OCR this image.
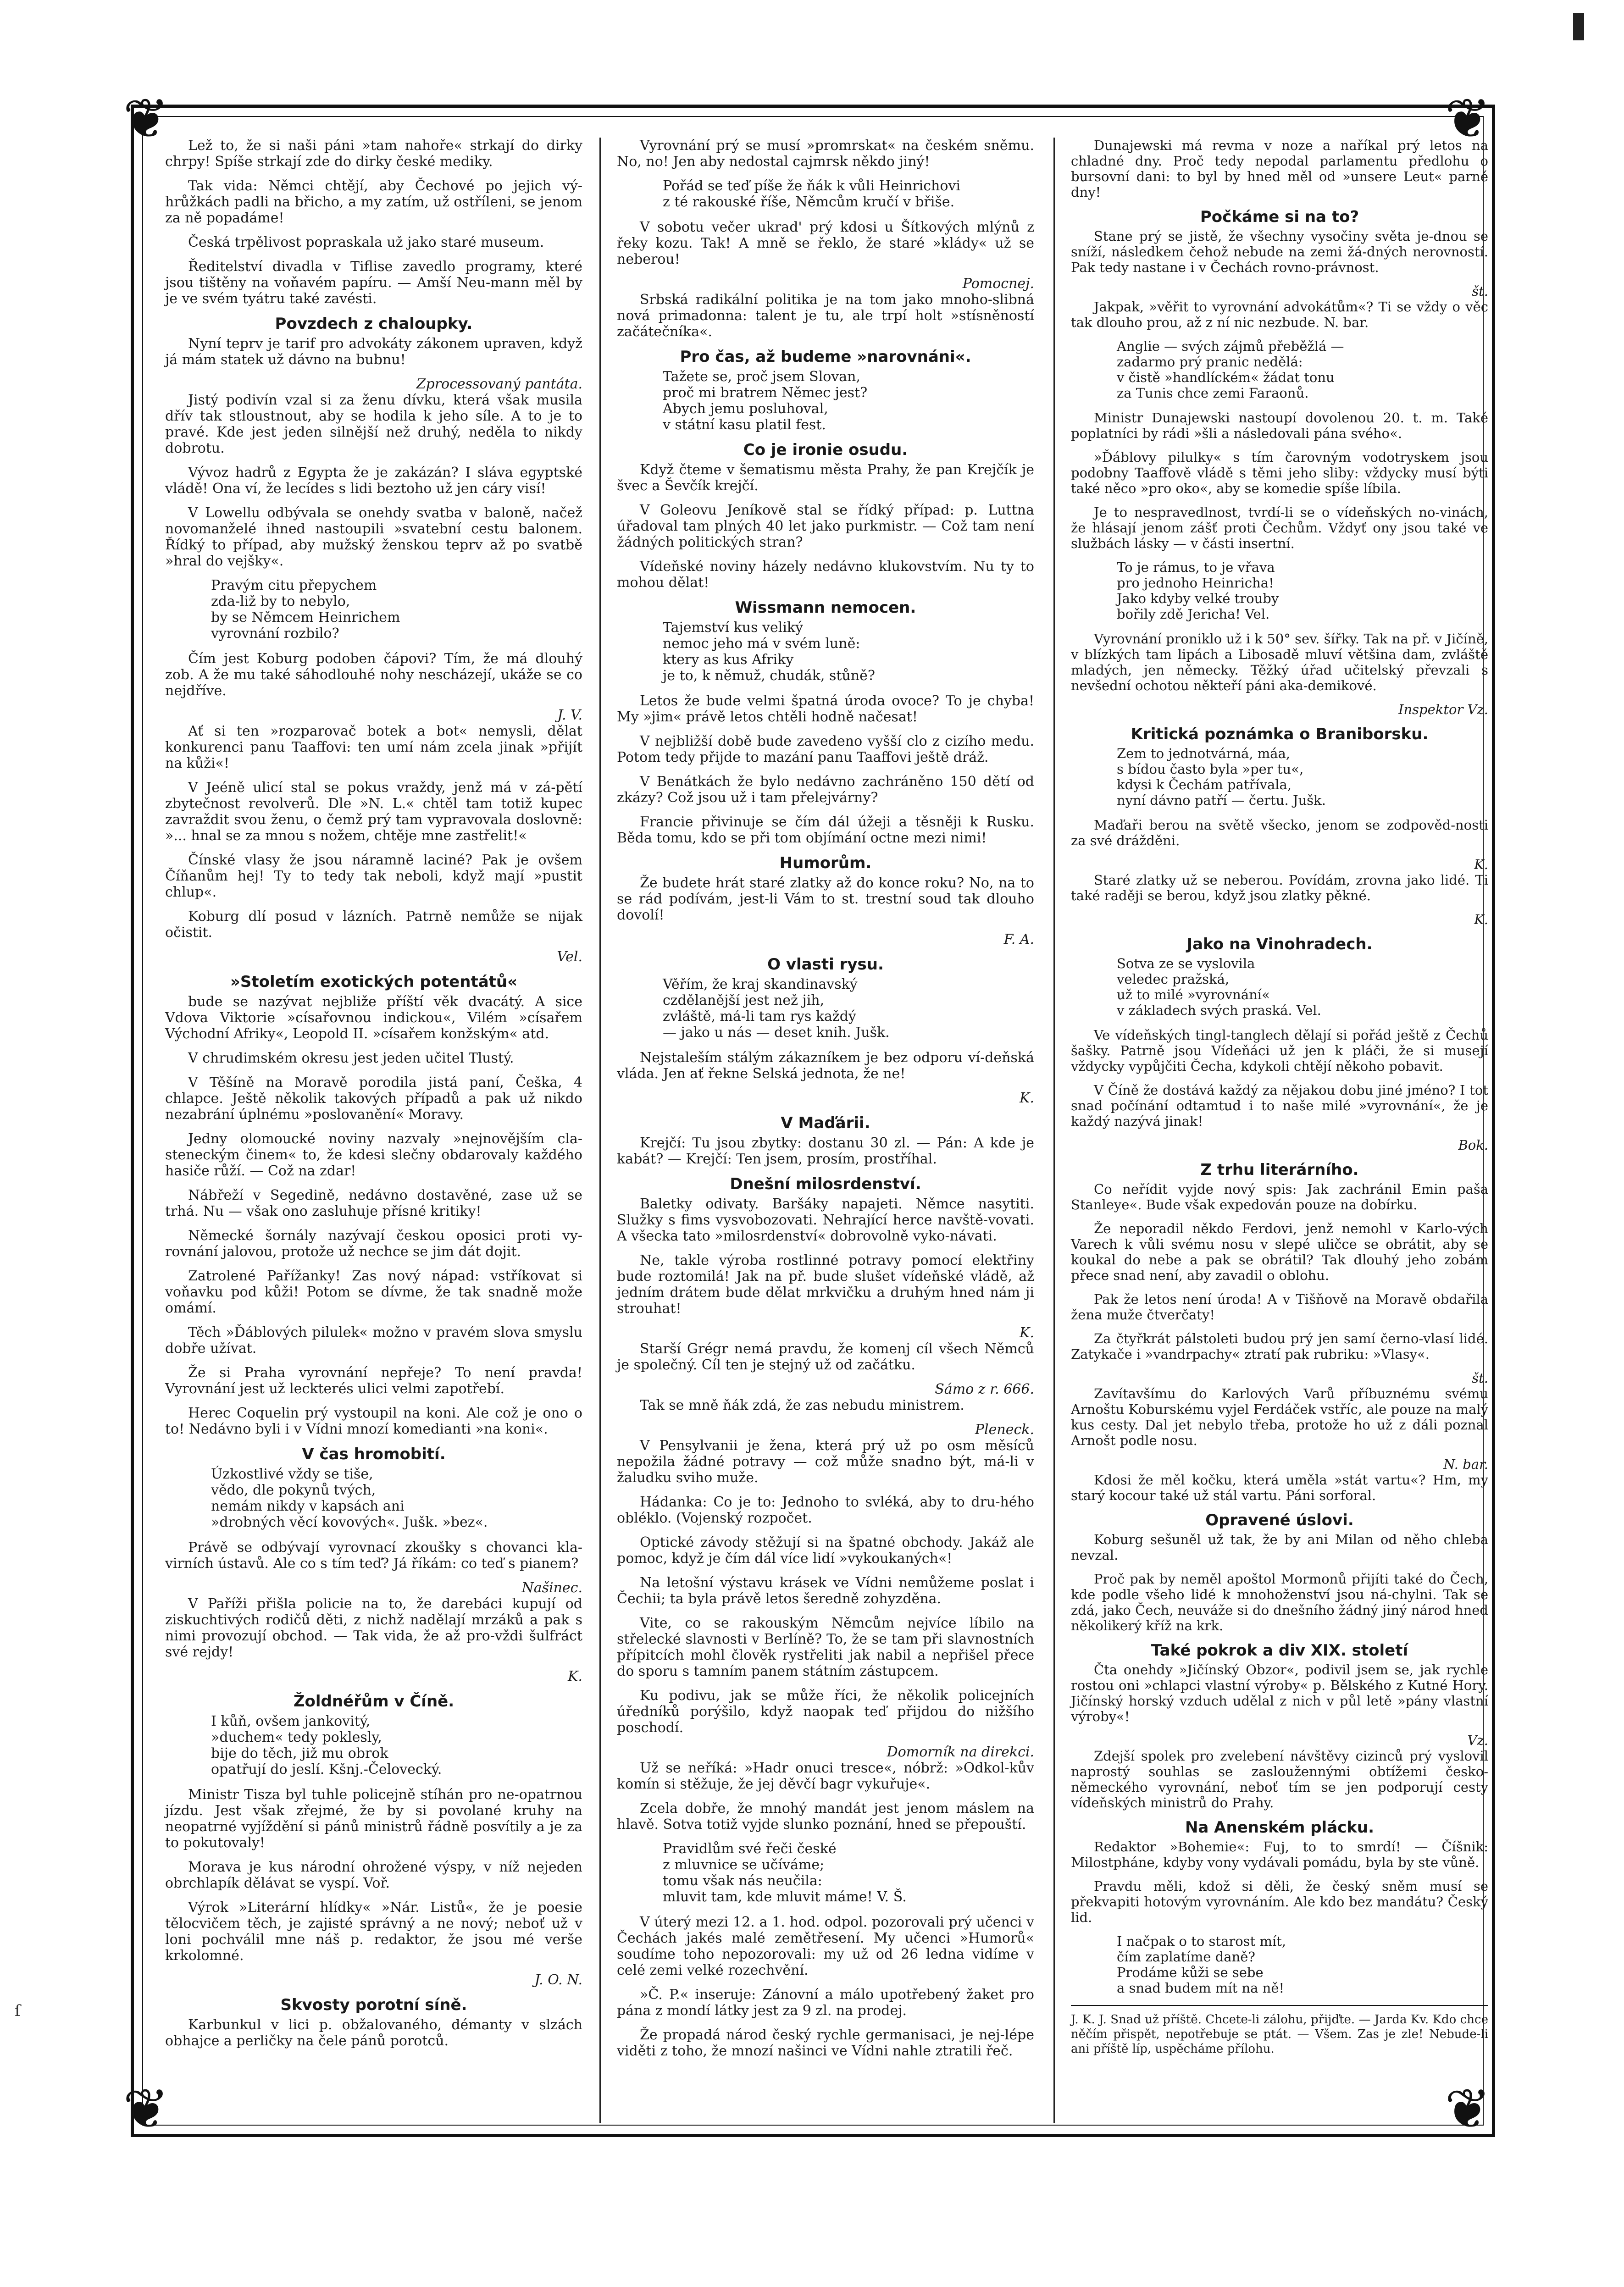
❦	❦
❦	❦
ſ

Lež to, že si naši páni »tam nahoře« strkají do dirky chrpy! Spíše strkají zde do dirky české mediky.

Tak vida: Němci chtějí, aby Čechové po jejich vý-hrůžkách padli na břicho, a my zatím, už ostříleni, se jenom za ně popadáme!

Česká trpělivost popraskala už jako staré museum.

Ředitelství divadla v Tiflise zavedlo programy, které jsou tištěny na voňavém papíru. — Amší Neu-mann měl by je ve svém tyátru také zavésti.

Povzdech z chaloupky.

Nyní teprv je tarif pro advokáty zákonem upraven, když já mám statek už dávno na bubnu!

Zprocessovaný pantáta.

Jistý podivín vzal si za ženu dívku, která však musila dřív tak stloustnout, aby se hodila k jeho síle. A to je to pravé. Kde jest jeden silnější než druhý, neděla to nikdy dobrotu.

Vývoz hadrů z Egypta že je zakázán? I sláva egyptské vládě! Ona ví, že lecídes s lidi beztoho už jen cáry visí!

V Lowellu odbývala se onehdy svatba v baloně, načež novomanželé ihned nastoupili »svatební cestu balonem. Řídký to případ, aby mužský ženskou teprv až po svatbě »hral do vejšky«.

Pravým citu přepychem
zda-liž by to nebylo,
by se Němcem Heinrichem
vyrovnání rozbilo?

Čím jest Koburg podoben čápovi? Tím, že má dlouhý zob. A že mu také sáhodlouhé nohy nescházejí, ukáže se co nejdříve.

J. V.

Ať si ten »rozparovač botek a bot« nemysli, dělat konkurenci panu Taaffovi: ten umí nám zcela jinak »přijít na kůži«!

V Jeéně ulicí stal se pokus vraždy, jenž má v zá-pětí zbytečnost revolverů. Dle »N. L.« chtěl tam totiž kupec zavraždit svou ženu, o čemž prý tam vypravovala doslovně: »... hnal se za mnou s nožem, chtěje mne zastřelit!«

Čínské vlasy že jsou náramně laciné? Pak je ovšem Číňanům hej! Ty to tedy tak neboli, když mají »pustit chlup«.

Koburg dlí posud v lázních. Patrně nemůže se nijak očistit.

Vel.
»Stoletím exotických potentátů«

bude se nazývat nejbliže příští věk dvacátý. A sice Vdova Viktorie »císařovnou indickou«, Vilém »císařem Východní Afriky«, Leopold II. »císařem konžským« atd.

V chrudimském okresu jest jeden učitel Tlustý.

V Těšíně na Moravě porodila jistá paní, Češka, 4 chlapce. Ještě několik takových případů a pak už nikdo nezabrání úplnému »poslovanění« Moravy.

Jedny olomoucké noviny nazvaly »nejnovějším cla-steneckým činem« to, že kdesi slečny obdarovaly každého hasiče růží. — Což na zdar!

Nábřeží v Segedině, nedávno dostavěné, zase už se trhá. Nu — však ono zasluhuje přísné kritiky!

Německé šornály nazývají českou oposici proti vy-rovnání jalovou, protože už nechce se jim dát dojit.

Zatrolené Pařížanky! Zas nový nápad: vstříkovat si voňavku pod kůži! Potom se dívme, že tak snadně može omámí.

Těch »Ďáblových pilulek« možno v pravém slova smyslu dobře užívat.

Že si Praha vyrovnání nepřeje? To není pravda! Vyrovnání jest už leckterés ulici velmi zapotřebí.

Herec Coquelin prý vystoupil na koni. Ale což je ono o to! Nedávno byli i v Vídni mnozí komedianti »na koni«.

V čas hromobití.
Úzkostlivé vždy se tiše,
vědo, dle pokynů tvých,
nemám nikdy v kapsách ani
»drobných věcí kovových«. Jušk. »bez«.

Právě se odbývají vyrovnací zkoušky s chovanci kla-virních ústavů. Ale co s tím teď? Já říkám: co teď s pianem?

Našinec.

V Paříži přišla policie na to, že darebáci kupují od ziskuchtivých rodičů děti, z nichž nadělají mrzáků a pak s nimi provozují obchod. — Tak vida, že až pro-vždi šulfráct své rejdy!

K.
Žoldnéřům v Číně.
I kůň, ovšem jankovitý,
»duchem« tedy poklesly,
bije do těch, již mu obrok
opatřují do jeslí. Kšnj.-Čelovecký.

Ministr Tisza byl tuhle policejně stíhán pro ne-opatrnou jízdu. Jest však zřejmé, že by si povolané kruhy na neopatrné vyjíždění si pánů ministrů řádně posvítily a je za to pokutovaly!

Morava je kus národní ohrožené výspy, v níž nejeden obrchlapík dělávat se vyspí. Voř.

Výrok »Literární hlídky« »Nár. Listů«, že je poesie tělocvičem těch, je zajisté správný a ne nový; neboť už v loni pochválil mne náš p. redaktor, že jsou mé verše krkolomné.

J. O. N.
Skvosty porotní síně.

Karbunkul v lici p. obžalovaného, démanty v slzách obhajce a perličky na čele pánů porotců.

Vyrovnání prý se musí »promrskat« na českém sněmu. No, no! Jen aby nedostal cajmrsk někdo jiný!

Pořád se teď píše že ňák k vůli Heinrichovi
z té rakouské říše, Němcům kručí v břiše.

V sobotu večer ukrad' prý kdosi u Šítkových mlýnů z řeky kozu. Tak! A mně se řeklo, že staré »klády« už se neberou!

Pomocnej.

Srbská radikální politika je na tom jako mnoho-slibná nová primadonna: talent je tu, ale trpí holt »stísněností začátečníka«.

Pro čas, až budeme »narovnáni«.
Tažete se, proč jsem Slovan,
proč mi bratrem Němec jest?
Abych jemu posluhoval,
v státní kasu platil fest.
Co je ironie osudu.

Když čteme v šematismu města Prahy, že pan Krejčík je švec a Ševčík krejčí.

V Goleovu Jeníkově stal se řídký případ: p. Luttna úřadoval tam plných 40 let jako purkmistr. — Což tam není žádných politických stran?

Vídeňské noviny házely nedávno klukovstvím. Nu ty to mohou dělat!

Wissmann nemocen.
Tajemství kus veliký
nemoc jeho má v svém luně:
ktery as kus Afriky
je to, k němuž, chudák, stůně?

Letos že bude velmi špatná úroda ovoce? To je chyba! My »jim« právě letos chtěli hodně načesat!

V nejbližší době bude zavedeno vyšší clo z cizího medu. Potom tedy přijde to mazání panu Taaffovi ještě dráž.

V Benátkách že bylo nedávno zachráněno 150 dětí od zkázy? Což jsou už i tam přelejvárny?

Francie přivinuje se čím dál úžeji a těsněji k Rusku. Běda tomu, kdo se při tom objímání octne mezi nimi!

Humorům.

Že budete hrát staré zlatky až do konce roku? No, na to se rád podívám, jest-li Vám to st. trestní soud tak dlouho dovolí!

F. A.
O vlasti rysu.
Věřím, že kraj skandinavský
czdělanější jest než jih,
zvláště, má-li tam rys každý
— jako u nás — deset knih. Jušk.

Nejstaleším stálým zákazníkem je bez odporu ví-deňská vláda. Jen ať řekne Selská jednota, že ne!

K.
V Maďárii.

Krejčí: Tu jsou zbytky: dostanu 30 zl. — Pán: A kde je kabát? — Krejčí: Ten jsem, prosím, prostříhal.

Dnešní milosrdenství.

Baletky odivaty. Baršáky napajeti. Němce nasytiti. Služky s fims vysvobozovati. Nehrající herce navště-vovati. A všecka tato »milosrdenství« dobrovolně vyko-návati.

Ne, takle výroba rostlinné potravy pomocí elektřiny bude roztomilá! Jak na př. bude slušet vídeňské vládě, až jedním drátem bude dělat mrkvičku a druhým hned nám ji strouhat!

K.

Starší Grégr nemá pravdu, že komenj cíl všech Němců je společný. Cíl ten je stejný už od začátku.

Sámo z r. 666.

Tak se mně ňák zdá, že zas nebudu ministrem.

Pleneck.

V Pensylvanii je žena, která prý už po osm měsíců nepožila žádné potravy — což může snadno být, má-li v žaludku sviho muže.

Hádanka: Co je to: Jednoho to svléká, aby to dru-hého obléklo. (Vojenský rozpočet.

Optické závody stěžují si na špatné obchody. Jakáž ale pomoc, když je čím dál více lidí »vykoukaných«!

Na letošní výstavu krásek ve Vídni nemůžeme poslat i Čechii; ta byla právě letos šeredně zohyzděna.

Vite, co se rakouským Němcům nejvíce líbilo na střelecké slavnosti v Berlíně? To, že se tam při slavnostních přípitcích mohl člověk rystřeliti jak nabil a nepřišel přece do sporu s tamním panem státním zástupcem.

Ku podivu, jak se může říci, že několik policejních úředníků porýšilo, když naopak teď přijdou do nižšího poschodí.

Domorník na direkci.

Už se neříká: »Hadr onuci tresce«, nóbrž: »Odkol-kův komín si stěžuje, že jej děvčí bagr vykuřuje«.

Zcela dobře, že mnohý mandát jest jenom máslem na hlavě. Sotva totiž vyjde slunko poznání, hned se přepouští.

Pravidlům své řeči české
z mluvnice se učíváme;
tomu však nás neučila:
mluvit tam, kde mluvit máme! V. Š.

V úterý mezi 12. a 1. hod. odpol. pozorovali prý učenci v Čechách jakés malé zemětřesení. My učenci »Humorů« soudíme toho nepozorovali: my už od 26 ledna vidíme v celé zemi velké rozechvění.

»Č. P.« inseruje: Zánovní a málo upotřebený žaket pro pána z mondí látky jest za 9 zl. na prodej.

Že propadá národ český rychle germanisaci, je nej-lépe viděti z toho, že mnozí našinci ve Vídni nahle ztratili řeč.

Dunajewski má revma v noze a naříkal prý letos na chladné dny. Proč tedy nepodal parlamentu předlohu o bursovní dani: to byl by hned měl od »unsere Leut« parné dny!

Počkáme si na to?

Stane prý se jistě, že všechny vysočiny světa je-dnou se sníží, následkem čehož nebude na zemi žá-dných nerovností. Pak tedy nastane i v Čechách rovno-právnost.

št.

Jakpak, »věřit to vyrovnání advokátům«? Ti se vždy o věc tak dlouho prou, až z ní nic nezbude. N. bar.

Anglie — svých zájmů přeběžlá —
zadarmo prý pranic nedělá:
v čistě »handlíckém« žádat tonu
za Tunis chce zemi Faraonů.

Ministr Dunajewski nastoupí dovolenou 20. t. m. Také poplatníci by rádi »šli a následovali pána svého«.

»Ďáblovy pilulky« s tím čarovným vodotryskem jsou podobny Taaffově vládě s těmi jeho sliby: vždycky musí býti také něco »pro oko«, aby se komedie spíše líbila.

Je to nespravedlnost, tvrdí-li se o vídeňských no-vinách, že hlásají jenom zášť proti Čechům. Vždyť ony jsou také ve službách lásky — v části insertní.

To je rámus, to je vřava
pro jednoho Heinricha!
Jako kdyby velké trouby
bořily zdě Jericha! Vel.

Vyrovnání proniklo už i k 50° sev. šířky. Tak na př. v Jičíně, v blízkých tam lipách a Libosadě mluví většina dam, zvláště mladých, jen německy. Těžký úřad učitelský převzali s nevšední ochotou někteří páni aka-demikové.

Inspektor Vz.
Kritická poznámka o Braniborsku.
Zem to jednotvárná, máa,
s bídou často byla »per tu«,
kdysi k Čechám patřívala,
nyní dávno patří — čertu. Jušk.

Maďaři berou na světě všecko, jenom se zodpověd-nosti za své drážděni.

K.

Staré zlatky už se neberou. Povídám, zrovna jako lidé. Ti také raději se berou, když jsou zlatky pěkné.

K.
Jako na Vinohradech.
Sotva ze se vyslovila
veledec pražská,
už to milé »vyrovnání«
v základech svých praská. Vel.

Ve vídeňských tingl-tanglech dělají si pořád ještě z Čechů šašky. Patrně jsou Vídeňáci už jen k pláči, že si musejí vždycky vypůjčiti Čecha, kdykoli chtějí někoho pobavit.

V Číně že dostává každý za nějakou dobu jiné jméno? I tot snad počínání odtamtud i to naše milé »vyrovnání«, že je každý nazývá jinak!

Bok.
Z trhu literárního.

Co neřídit vyjde nový spis: Jak zachránil Emin paša Stanleye«. Bude však expedován pouze na dobírku.

Že neporadil někdo Ferdovi, jenž nemohl v Karlo-vých Varech k vůli svému nosu v slepé uličce se obrátit, aby se koukal do nebe a pak se obrátil? Tak dlouhý jeho zobám přece snad není, aby zavadil o oblohu.

Pak že letos není úroda! A v Tišňově na Moravě obdařila žena muže čtverčaty!

Za čtyřkrát pálstoleti budou prý jen samí černo-vlasí lidé. Zatykače i »vandrpachy« ztratí pak rubriku: »Vlasy«.

št.

Zavítavšímu do Karlových Varů příbuznému svému Arnoštu Koburskému vyjel Ferdáček vstříc, ale pouze na malý kus cesty. Dal jet nebylo třeba, protože ho už z dáli poznal Arnošt podle nosu.

N. bar.

Kdosi že měl kočku, která uměla »stát vartu«? Hm, my starý kocour také už stál vartu. Páni sorforal.

Opravené úslovi.

Koburg sešuněl už tak, že by ani Milan od něho chleba nevzal.

Proč pak by neměl apoštol Mormonů přijíti také do Čech, kde podle všeho lidé k mnohoženství jsou ná-chylni. Tak se zdá, jako Čech, neuváže si do dnešního žádný jiný národ hned několikerý kříž na krk.

Také pokrok a div XIX. století

Čta onehdy »Jičínský Obzor«, podivil jsem se, jak rychle rostou oni »chlapci vlastní výroby« p. Bělského z Kutné Hory. Jičínský horský vzduch udělal z nich v půl letě »pány vlastní výroby«!

Vz.

Zdejší spolek pro zvelebení návštěvy cizinců prý vyslovil naprostý souhlas se zasloužennými obtížemi česko-německého vyrovnání, neboť tím se jen podporují cesty vídeňských ministrů do Prahy.

Na Anenském plácku.

Redaktor »Bohemie«: Fuj, to to smrdí! — Číšnik: Milostpháne, kdyby vony vydávali pomádu, byla by ste vůně.

Pravdu měli, kdož si děli, že český sněm musí se překvapiti hotovým vyrovnáním. Ale kdo bez mandátu? Český lid.

I načpak o to starost mít,
čím zaplatíme daně?
Prodáme kůži se sebe
a snad budem mít na ně!
J. K. J. Snad už příště. Chcete-li zálohu, přijďte. — Jarda Kv. Kdo chce něčím přispět, nepotřebuje se ptát. — Všem. Zas je zle! Nebude-li ani příště líp, uspěcháme přílohu.
